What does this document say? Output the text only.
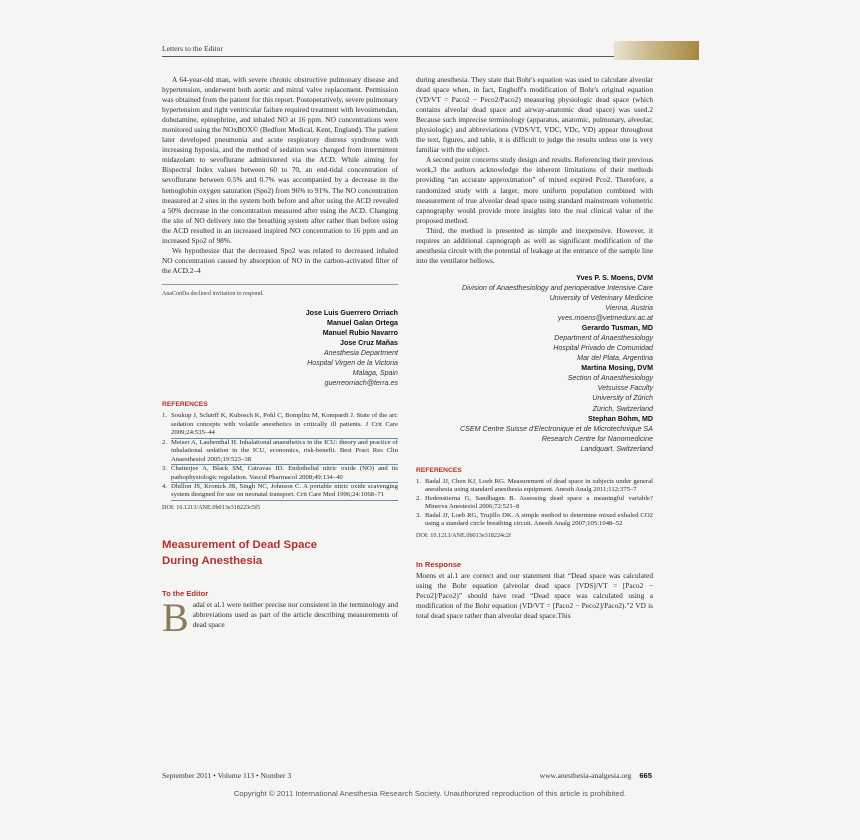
Letters to the Editor

A 64-year-old man, with severe chronic obstructive pulmonary disease and hypertension, underwent both aortic and mitral valve replacement. Permission was obtained from the patient for this report. Postoperatively, severe pulmonary hypertension and right ventricular failure required treatment with levosimendan, dobutamine, epinephrine, and inhaled NO at 16 ppm. NO concentrations were monitored using the NOxBOX© (Bedfont Medical, Kent, England). The patient later developed pneumonia and acute respiratory distress syndrome with increasing hypoxia, and the method of sedation was changed from intermittent midazolam to sevoflurane administered via the ACD. While aiming for Bispectral Index values between 60 to 70, an end-tidal concentration of sevoflurane between 0.5% and 0.7% was accompanied by a decrease in the hemoglobin oxygen saturation (Spo2) from 96% to 91%. The NO concentration measured at 2 sites in the system both before and after using the ACD revealed a 50% decrease in the concentration measured after using the ACD. Changing the site of NO delivery into the breathing system after rather than before using the ACD resulted in an increased inspired NO concentration to 16 ppm and an increased Spo2 of 98%.

We hypothesize that the decreased Spo2 was related to decreased inhaled NO concentration caused by absorption of NO in the carbon-activated filter of the ACD.2–4

AnaConDa declined invitation to respond.
Jose Luis Guerrero Orriach
Manuel Galan Ortega
Manuel Rubio Navarro
Jose Cruz Mañas
Anesthesia Department
Hospital Virgen de la Victoria
Malaga, Spain
guerreorriach@terra.es
REFERENCES
1. Soukup J, Schärff K, Kubosch K, Pohl C, Bomplitz M, Kompardt J. State of the art: sedation concepts with volatile anesthetics in critically ill patients. J Crit Care 2009;24:535–44
2. Meiser A, Laubenthal H. Inhalational anaesthetics in the ICU: theory and practice of inhalational sedation in the ICU, economics, risk-benefit. Best Pract Res Clin Anaesthesiol 2005;19:523–38
3. Chatterjee A, Black SM, Catravas JD. Endothelial nitric oxide (NO) and its pathophysiologic regulation. Vascul Pharmacol 2008;49:134–40
4. Dhillon JS, Kronick JB, Singh NC, Johnson C. A portable nitric oxide scavenging system designed for use on neonatal transport. Crit Care Med 1996;24:1068–71
DOI: 10.1213/ANE.0b013e318223c5f5
Measurement of Dead Space
During Anesthesia
To the Editor
B adal et al.1 were neither precise nor consistent in the terminology and abbreviations used as part of the article describing measurements of dead space

during anesthesia. They state that Bohr's equation was used to calculate alveolar dead space when, in fact, Enghoff's modification of Bohr's original equation (VD/VT = Paco2 − Peco2/Paco2) measuring physiologic dead space (which contains alveolar dead space and airway-anatomic dead space) was used.2 Because such imprecise terminology (apparatus, anatomic, pulmonary, alveolar, physiologic) and abbreviations (VDS/VT, VDC, VDc, VD) appear throughout the text, figures, and table, it is difficult to judge the results unless one is very familiar with the subject.

A second point concerns study design and results. Referencing their previous work,3 the authors acknowledge the inherent limitations of their methods providing “an accurate approximation” of mixed expired Pco2. Therefore, a randomized study with a larger, more uniform population combined with measurement of true alveolar dead space using standard mainstream volumetric capnography would provide more insights into the real clinical value of the proposed method.

Third, the method is presented as simple and inexpensive. However, it requires an additional capnograph as well as significant modification of the anesthesia circuit with the potential of leakage at the entrance of the sample line into the ventilator bellows.

Yves P. S. Moens, DVM
Division of Anaesthesiology and perioperative Intensive Care
University of Veterinary Medicine
Vienna, Austria
yves.moens@vetmeduni.ac.at
Gerardo Tusman, MD
Department of Anaesthesiology
Hospital Privado de Comunidad
Mar del Plata, Argentina
Martina Mosing, DVM
Section of Anaesthesiology
Vetsuisse Faculty
University of Zürich
Zürich, Switzerland
Stephan Böhm, MD
CSEM Centre Suisse d'Electronique et de Microtechnique SA
Research Centre for Nanomedicine
Landquart, Switzerland
REFERENCES
1. Badal JJ, Chen KJ, Loeb RG. Measurement of dead space in subjects under general anesthesia using standard anesthesia equipment. Anesth Analg 2011;112:375–7
2. Hedenstierna G, Sandhagen B. Assessing dead space a meaningful variable? Minerva Anestesiol 2006;72:521–8
3. Badal JJ, Loeb RG, Trujillo DK. A simple method to determine mixed exhaled CO2 using a standard circle breathing circuit. Anesth Analg 2007;105:1048–52
DOI: 10.1213/ANE.0b013e318224c2f
In Response

Moens et al.1 are correct and our statement that “Dead space was calculated using the Bohr equation (alveolar dead space [VDS]/VT = [Paco2 − Peco2]/Paco2)” should have read “Dead space was calculated using a modification of the Bohr equation (VD/VT = [Paco2 − Peco2]/Paco2).”2 VD is total dead space rather than alveolar dead space.This

September 2011 • Volume 113 • Number 3	www.anesthesia-analgesia.org 665
Copyright © 2011 International Anesthesia Research Society. Unauthorized reproduction of this article is prohibited.
